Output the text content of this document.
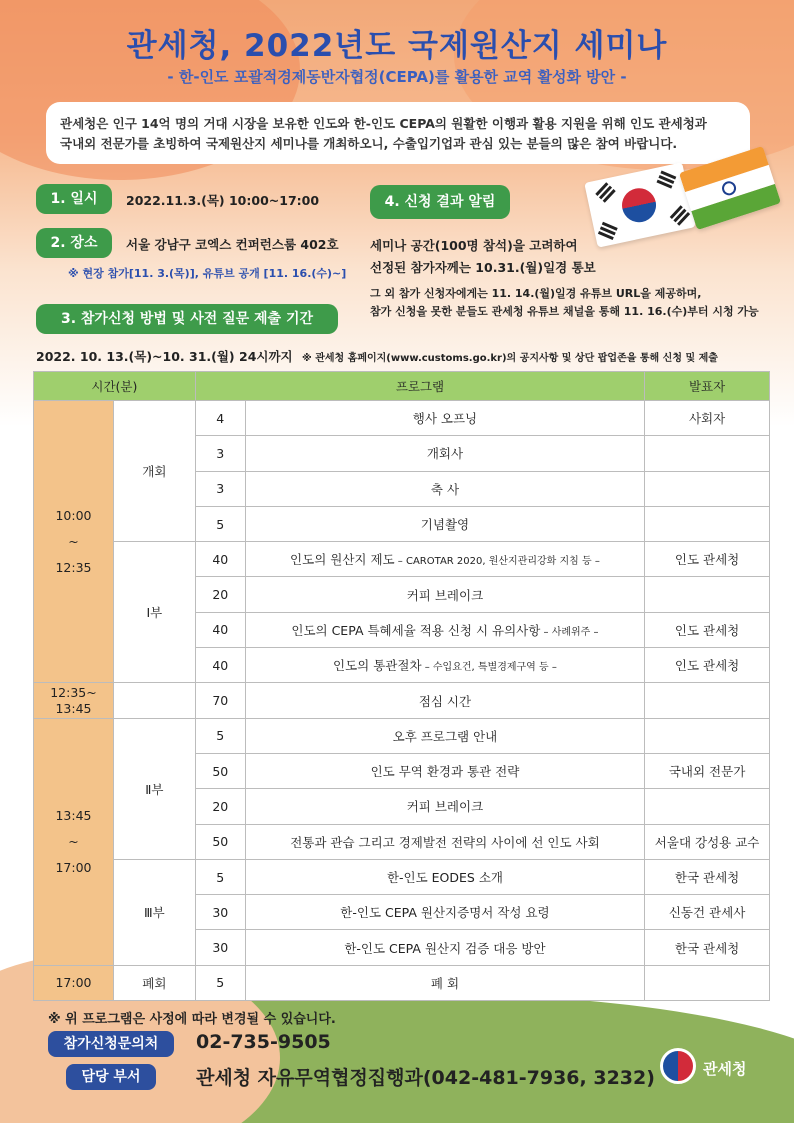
관세청, 2022년도 국제원산지 세미나
- 한-인도 포괄적경제동반자협정(CEPA)를 활용한 교역 활성화 방안 -
관세청은 인구 14억 명의 거대 시장을 보유한 인도와 한-인도 CEPA의 원활한 이행과 활용 지원을 위해 인도 관세청과
국내외 전문가를 초빙하여 국제원산지 세미나를 개최하오니, 수출입기업과 관심 있는 분들의 많은 참여 바랍니다.
1. 일시	2022.11.3.(목) 10:00~17:00
2. 장소	서울 강남구 코엑스 컨퍼런스룸 402호
※ 현장 참가[11. 3.(목)], 유튜브 공개 [11. 16.(수)~]
3. 참가신청 방법 및 사전 질문 제출 기간
2022. 10. 13.(목)~10. 31.(월) 24시까지 ※ 관세청 홈페이지(www.customs.go.kr)의 공지사항 및 상단 팝업존을 통해 신청 및 제출
4. 신청 결과 알림
세미나 공간(100명 참석)을 고려하여
선정된 참가자께는 10.31.(월)일경 통보
그 외 참가 신청자에게는 11. 14.(월)일경 유튜브 URL을 제공하며,
참가 신청을 못한 분들도 관세청 유튜브 채널을 통해 11. 16.(수)부터 시청 가능
시간(분)		프로그램		발표자

10:00
~
12:35	개회	4	행사 오프닝	사회자
		3	개회사	
		3	축 사	
		5	기념촬영	
	Ⅰ부	40	인도의 원산지 제도 – CAROTAR 2020, 원산지관리강화 지침 등 –	인도 관세청
		20	커피 브레이크	
		40	인도의 CEPA 특혜세율 적용 신청 시 유의사항 – 사례위주 –	인도 관세청
		40	인도의 통관절차 – 수입요건, 특별경제구역 등 –	인도 관세청

12:35~
13:45		70	점심 시간	

13:45
~
17:00	Ⅱ부	5	오후 프로그램 안내	
		50	인도 무역 환경과 통관 전략	국내외 전문가
		20	커피 브레이크	
		50	전통과 관습 그리고 경제발전 전략의 사이에 선 인도 사회	서울대 강성용 교수
	Ⅲ부	5	한-인도 EODES 소개	한국 관세청
		30	한-인도 CEPA 원산지증명서 작성 요령	신동건 관세사
		30	한-인도 CEPA 원산지 검증 대응 방안	한국 관세청
17:00	폐회	5	폐 회	
※ 위 프로그램은 사정에 따라 변경될 수 있습니다.
참가신청문의처	02-735-9505
담당 부서	관세청 자유무역협정집행과(042-481-7936, 3232)	관세청
